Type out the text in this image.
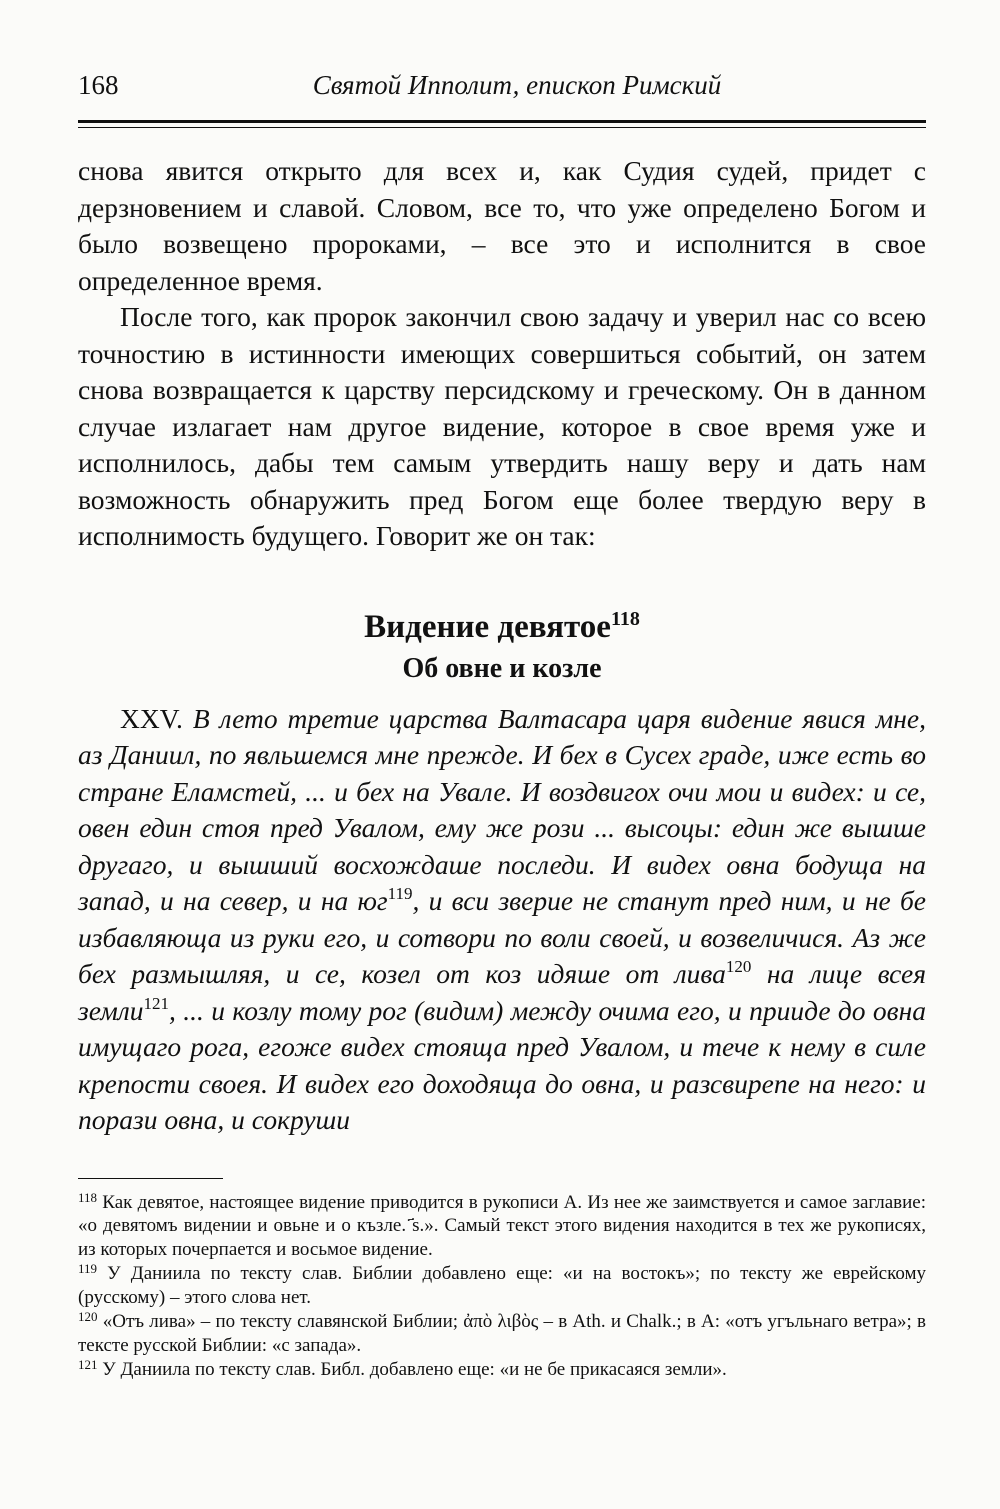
168	Святой Ипполит, епископ Римский

снова явится открыто для всех и, как Судия судей, придет с дерзновением и славой. Словом, все то, что уже определено Богом и было возвещено пророками, – все это и исполнится в свое определенное время.

После того, как пророк закончил свою задачу и уверил нас со всею точностию в истинности имеющих совершиться событий, он затем снова возвращается к царству персидскому и греческому. Он в данном случае излагает нам другое видение, которое в свое время уже и исполнилось, дабы тем самым утвердить нашу веру и дать нам возможность обнаружить пред Богом еще более твердую веру в исполнимость будущего. Говорит же он так:

Видение девятое$^{118}$
Об овне и козле

XXV. В лето третие царства Валтасара царя видение явися мне, аз Даниил, по явльшемся мне прежде. И бех в Сусех граде, иже есть во стране Еламстей, ... и бех на Увале. И воздвигох очи мои и видех: и се, овен един стоя пред Увалом, ему же рози ... высоцы: един же вышше другаго, и вышший восхождаше последи. И видех овна бодуща на запад, и на север, и на юг$^{119}$, и вси зверие не станут пред ним, и не бе избавляюща из руки его, и сотвори по воли своей, и возвеличися. Аз же бех размышляя, и се, козел от коз идяше от лива$^{120}$ на лице всея земли$^{121}$, ... и козлу тому рог (видим) между очима его, и прииде до овна имущаго рога, егоже видех стояща пред Увалом, и тече к нему в силе крепости своея. И видех его доходяща до овна, и разсвирепе на него: и порази овна, и сокруши

$^{118}$ Как девятое, настоящее видение приводится в рукописи А. Из нее же заимствуется и самое заглавие: «о девятомъ видении и овьне и о къзле. ҃ѕ.». Самый текст этого видения находится в тех же рукописях, из которых почерпается и восьмое видение.

$^{119}$ У Даниила по тексту слав. Библии добавлено еще: «и на востокъ»; по тексту же еврейскому (русскому) – этого слова нет.

$^{120}$ «Отъ лива» – по тексту славянской Библии; ἀπὸ λιβὸς – в Ath. и Chalk.; в А: «отъ угъльнаго ветра»; в тексте русской Библии: «с запада».

$^{121}$ У Даниила по тексту слав. Библ. добавлено еще: «и не бе прикасаяся земли».
